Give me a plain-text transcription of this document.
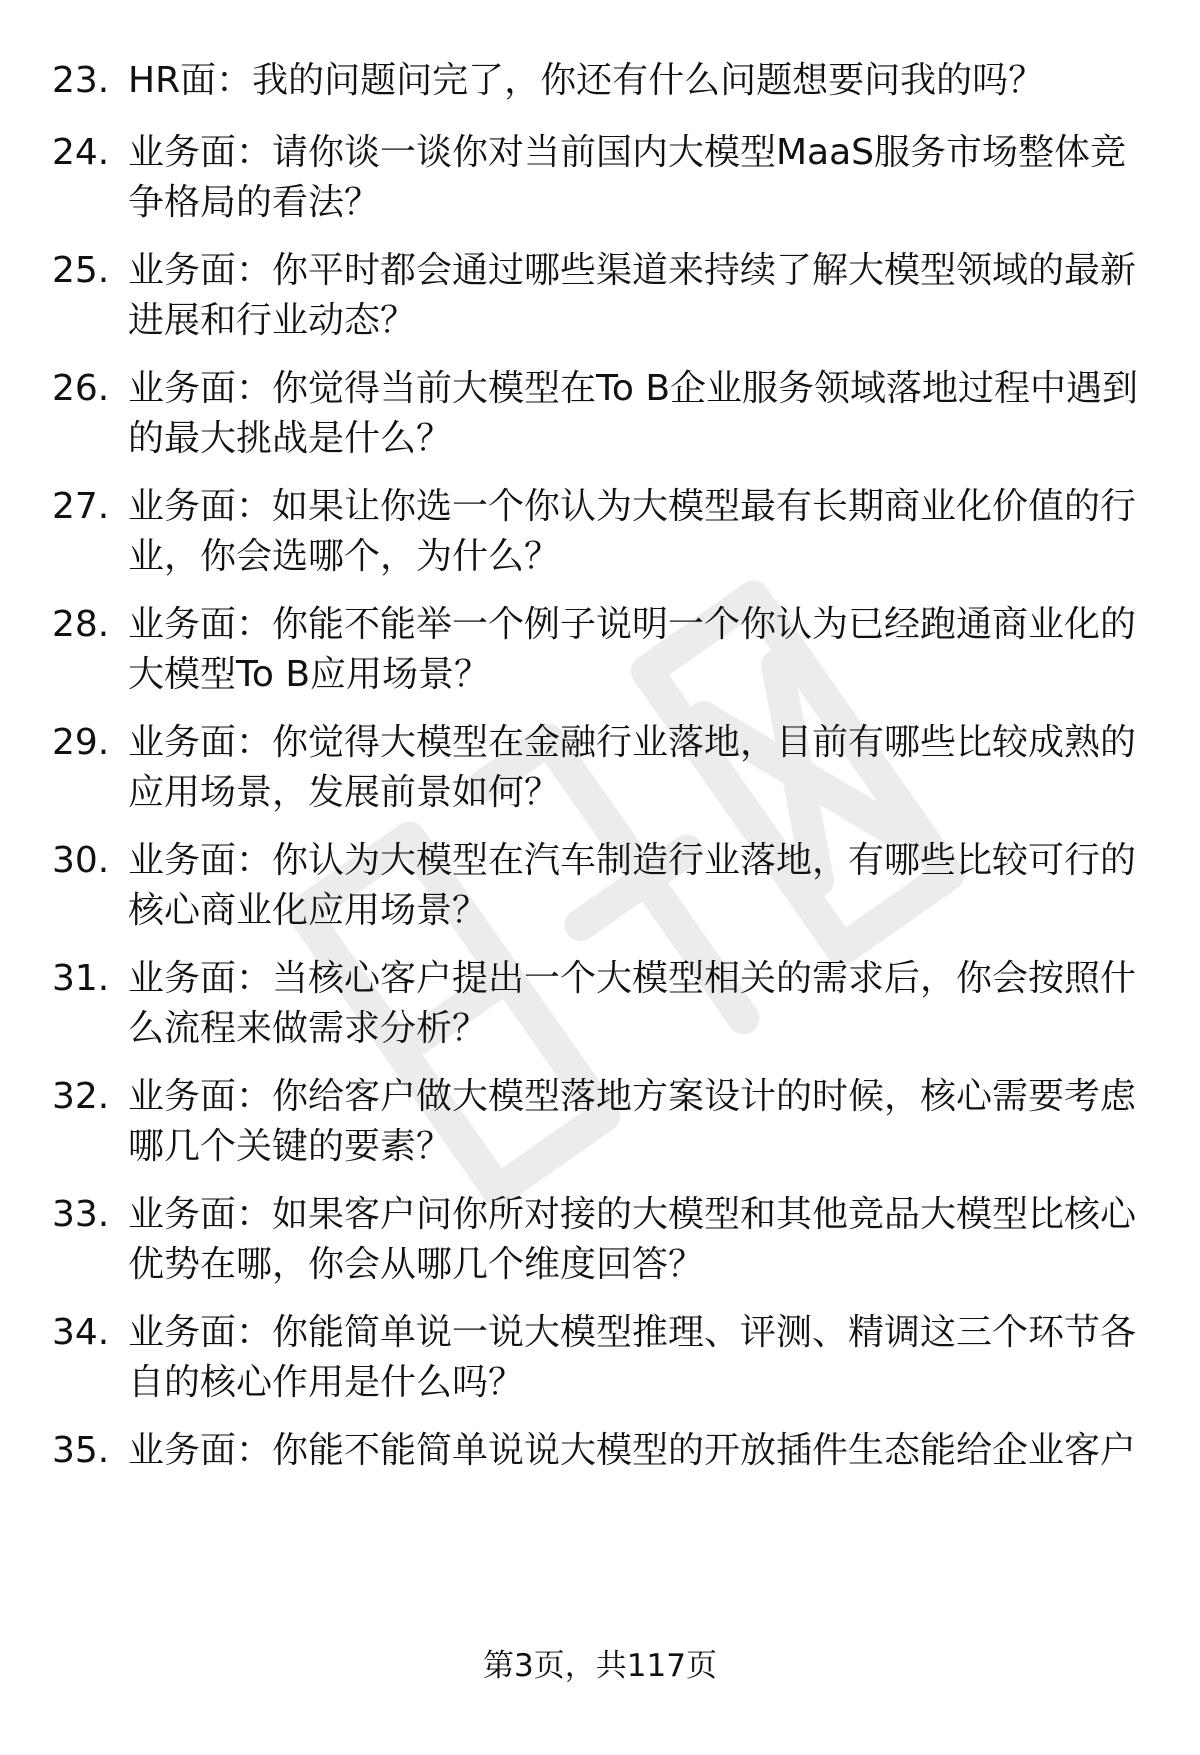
23. HR面：我的问题问完了，你还有什么问题想要问我的吗？
24. 业务面：请你谈一谈你对当前国内大模型MaaS服务市场整体竞
争格局的看法？
25. 业务面：你平时都会通过哪些渠道来持续了解大模型领域的最新
进展和行业动态？
26. 业务面：你觉得当前大模型在To B企业服务领域落地过程中遇到
的最大挑战是什么？
27. 业务面：如果让你选一个你认为大模型最有长期商业化价值的行
业，你会选哪个，为什么？
28. 业务面：你能不能举一个例子说明一个你认为已经跑通商业化的
大模型To B应用场景？
29. 业务面：你觉得大模型在金融行业落地，目前有哪些比较成熟的
应用场景，发展前景如何？
30. 业务面：你认为大模型在汽车制造行业落地，有哪些比较可行的
核心商业化应用场景？
31. 业务面：当核心客户提出一个大模型相关的需求后，你会按照什
么流程来做需求分析？
32. 业务面：你给客户做大模型落地方案设计的时候，核心需要考虑
哪几个关键的要素？
33. 业务面：如果客户问你所对接的大模型和其他竞品大模型比核心
优势在哪，你会从哪几个维度回答？
34. 业务面：你能简单说一说大模型推理、评测、精调这三个环节各
自的核心作用是什么吗？
35. 业务面：你能不能简单说说大模型的开放插件生态能给企业客户
第3页，共117页
